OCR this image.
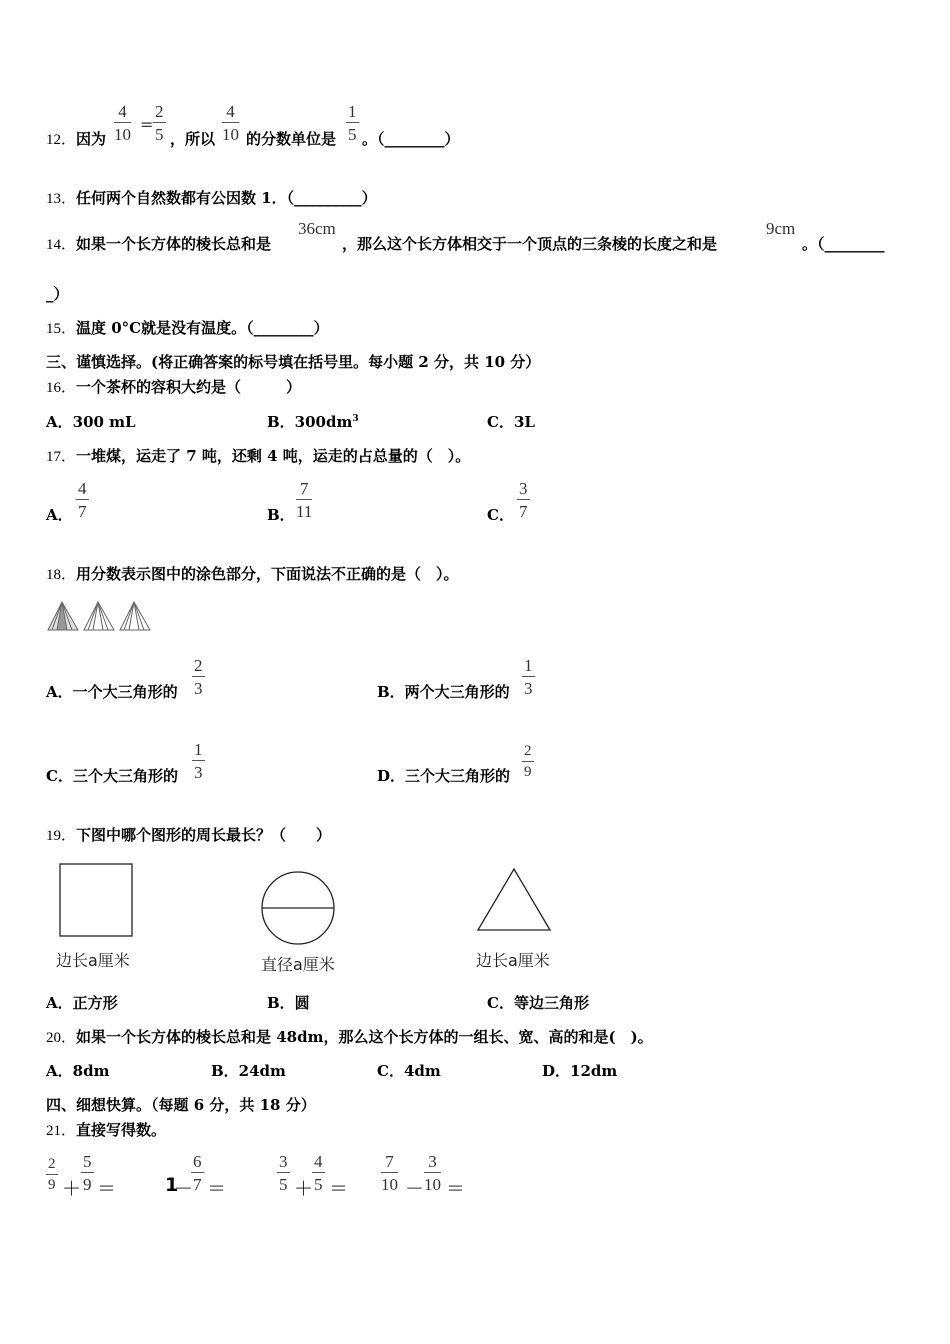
12．因为
4
10
=
2
5 ，所以
4
10 的分数单位是
1
5 。（________）
13．任何两个自然数都有公因数 1．（_________）
14．如果一个长方体的棱长总和是
36cm
，那么这个长方体相交于一个顶点的三条棱的长度之和是
9cm
。（________
_）
15．温度 0°C就是没有温度。（________）
三、谨慎选择。(将正确答案的标号填在括号里。每小题 2 分，共 10 分）
16．一个茶杯的容积大约是（　　　）
A．300 mL	B．$300dm^3$	C．3L
17．一堆煤，运走了 7 吨，还剩 4 吨，运走的占总量的（　）。
A．
4
7	B．
7
11	C．
3
7
18．用分数表示图中的涂色部分，下面说法不正确的是（　）。
A．一个大三角形的
2
3	B．两个大三角形的
1
3
C．三个大三角形的
1
3	D．三个大三角形的
2
9
19．下图中哪个图形的周长最长？（　　）
边长a厘米	直径a厘米	边长a厘米
A．正方形	B．圆	C．等边三角形
20．如果一个长方体的棱长总和是 48dm，那么这个长方体的一组长、宽、高的和是(　)。
A．8dm	B．24dm	C．4dm	D．12dm
四、细想快算。（每题 6 分，共 18 分）
21．直接写得数。
2
9 ＋
5
9 ＝	1
－
6
7 ＝
3
5 ＋
4
5 ＝
7
10 －
3
10 ＝
